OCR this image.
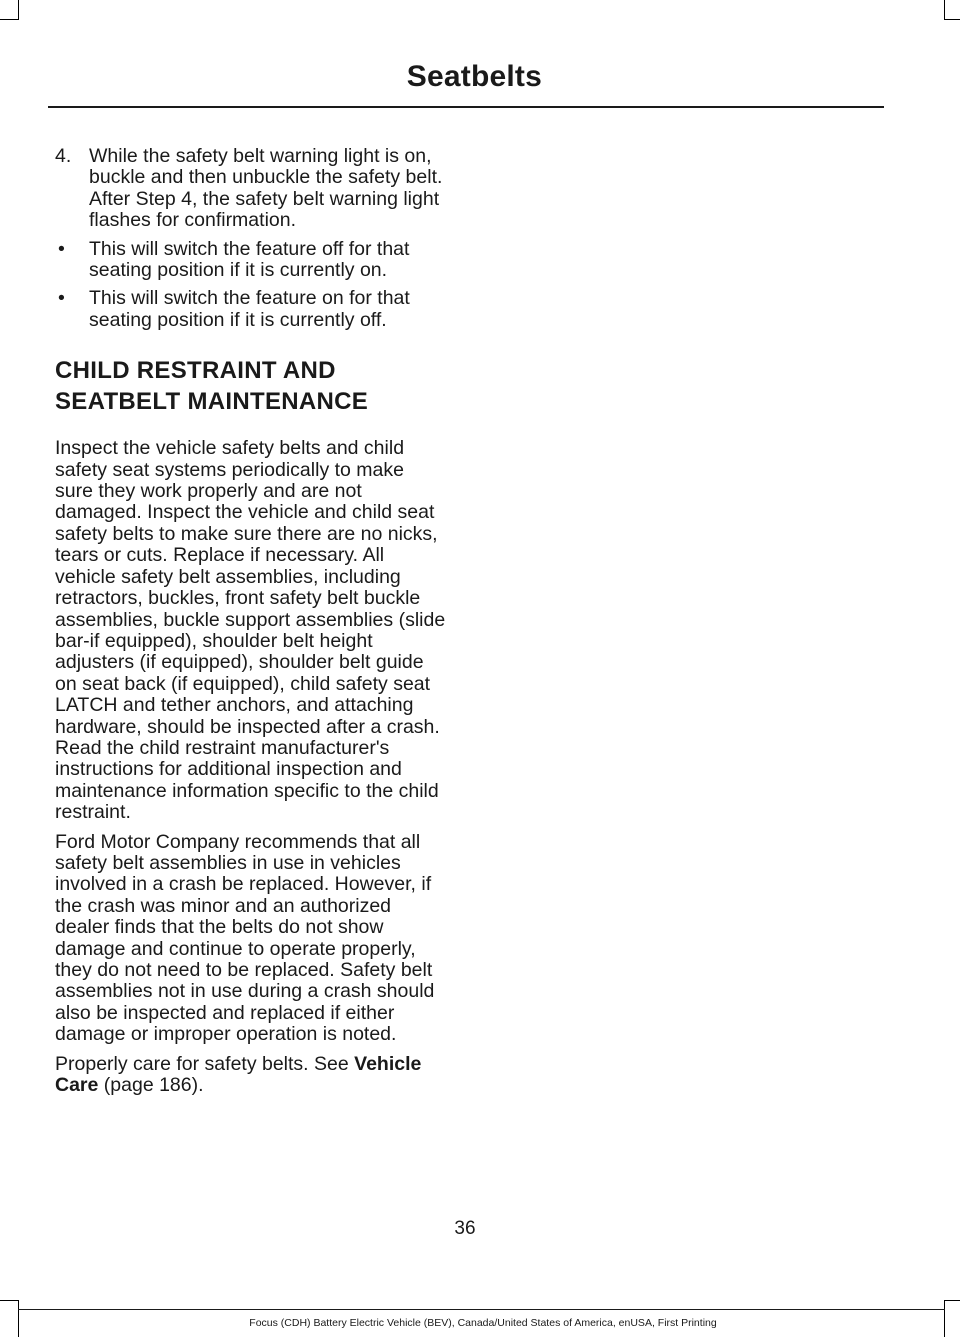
Seatbelts
4. While the safety belt warning light is on, buckle and then unbuckle the safety belt. After Step 4, the safety belt warning light flashes for confirmation.
• This will switch the feature off for that seating position if it is currently on.
• This will switch the feature on for that seating position if it is currently off.
CHILD RESTRAINT AND SEATBELT MAINTENANCE

Inspect the vehicle safety belts and child safety seat systems periodically to make sure they work properly and are not damaged. Inspect the vehicle and child seat safety belts to make sure there are no nicks, tears or cuts. Replace if necessary. All vehicle safety belt assemblies, including retractors, buckles, front safety belt buckle assemblies, buckle support assemblies (slide bar-if equipped), shoulder belt height adjusters (if equipped), shoulder belt guide on seat back (if equipped), child safety seat LATCH and tether anchors, and attaching hardware, should be inspected after a crash. Read the child restraint manufacturer's instructions for additional inspection and maintenance information specific to the child restraint.

Ford Motor Company recommends that all safety belt assemblies in use in vehicles involved in a crash be replaced. However, if the crash was minor and an authorized dealer finds that the belts do not show damage and continue to operate properly, they do not need to be replaced. Safety belt assemblies not in use during a crash should also be inspected and replaced if either damage or improper operation is noted.

Properly care for safety belts. See Vehicle Care (page 186).

36
Focus (CDH) Battery Electric Vehicle (BEV), Canada/United States of America, enUSA, First Printing
